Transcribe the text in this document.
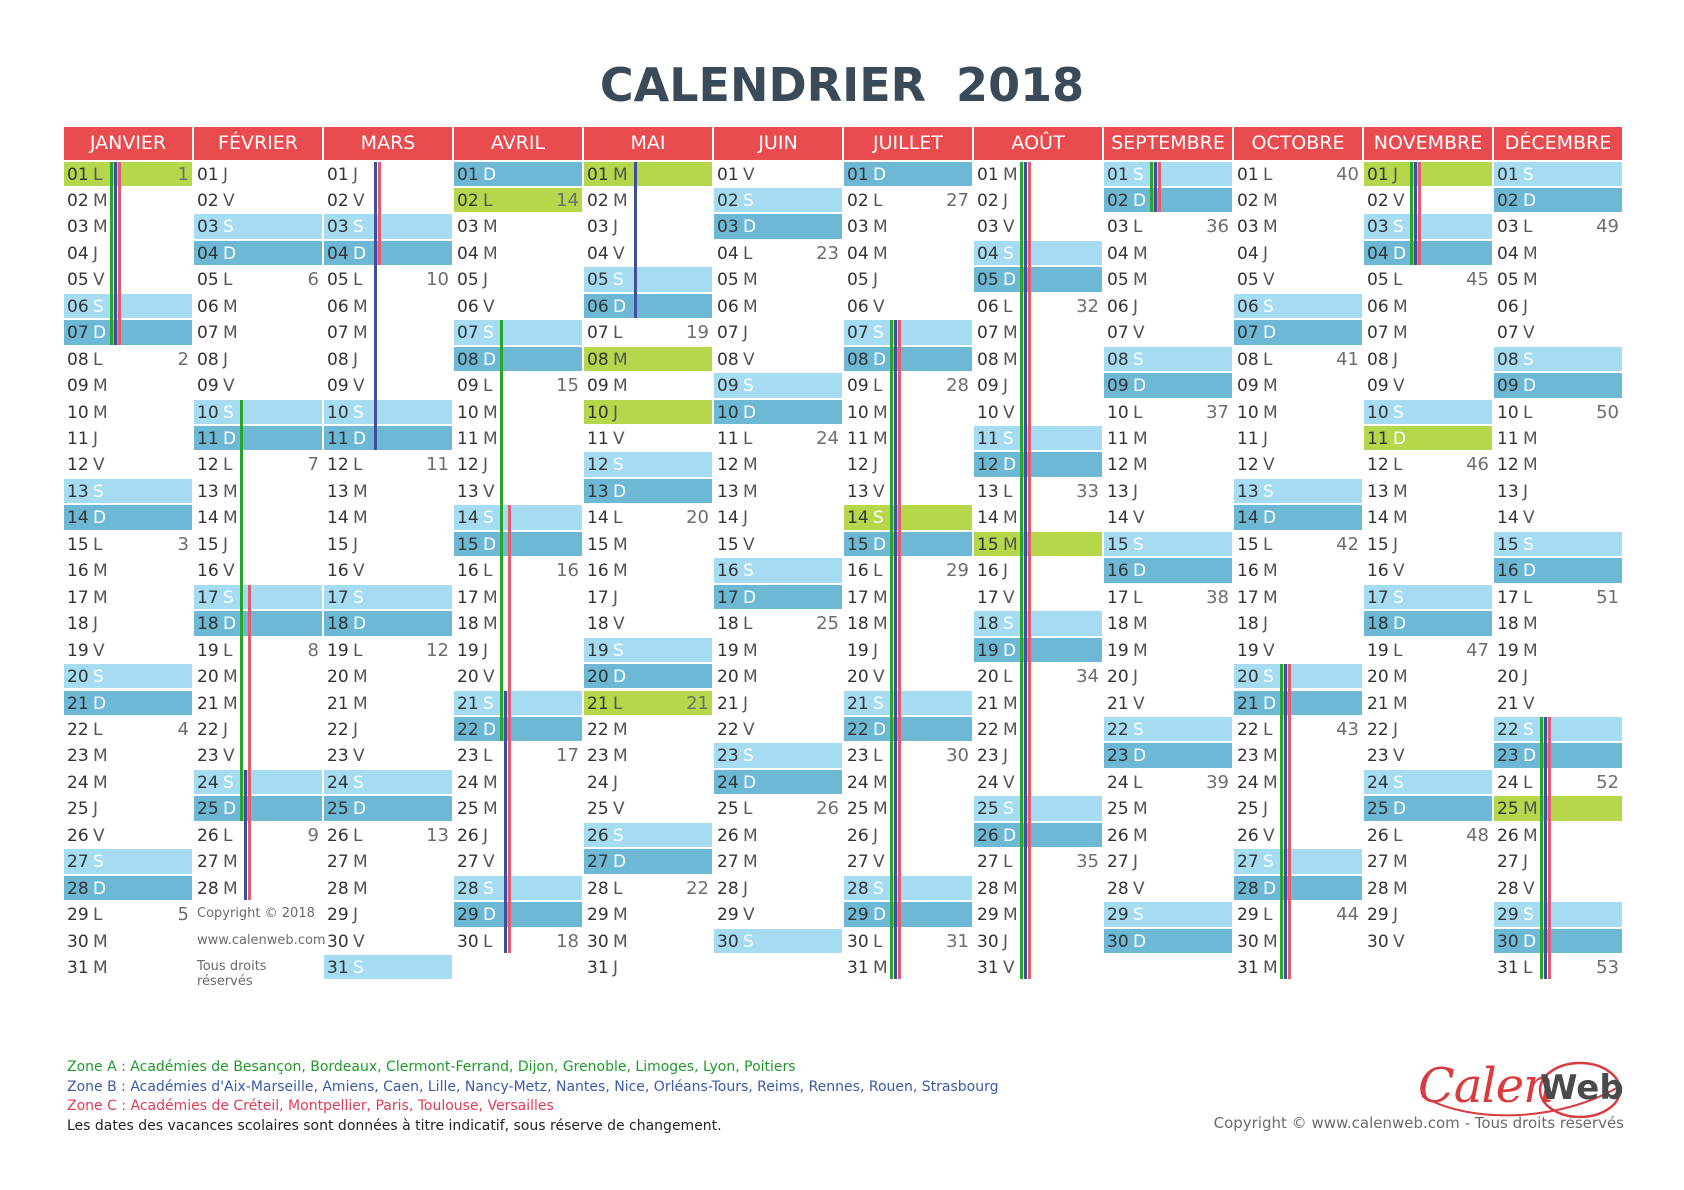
CALENDRIER 2018
JANVIER
01 L	1
02 M
03 M
04 J
05 V
06 S
07 D
08 L	2
09 M
10 M
11 J
12 V
13 S
14 D
15 L	3
16 M
17 M
18 J
19 V
20 S
21 D
22 L	4
23 M
24 M
25 J
26 V
27 S
28 D
29 L	5
30 M
31 M
FÉVRIER
01 J
02 V
03 S
04 D
05 L	6
06 M
07 M
08 J
09 V
10 S
11 D
12 L	7
13 M
14 M
15 J
16 V
17 S
18 D
19 L	8
20 M
21 M
22 J
23 V
24 S
25 D
26 L	9
27 M
28 M
Copyright © 2018
www.calenweb.com
Tous droits réservés
MARS
01 J
02 V
03 S
04 D
05 L	10
06 M
07 M
08 J
09 V
10 S
11 D
12 L	11
13 M
14 M
15 J
16 V
17 S
18 D
19 L	12
20 M
21 M
22 J
23 V
24 S
25 D
26 L	13
27 M
28 M
29 J
30 V
31 S
AVRIL
01 D
02 L	14
03 M
04 M
05 J
06 V
07 S
08 D
09 L	15
10 M
11 M
12 J
13 V
14 S
15 D
16 L	16
17 M
18 M
19 J
20 V
21 S
22 D
23 L	17
24 M
25 M
26 J
27 V
28 S
29 D
30 L	18
MAI
01 M
02 M
03 J
04 V
05 S
06 D
07 L	19
08 M
09 M
10 J
11 V
12 S
13 D
14 L	20
15 M
16 M
17 J
18 V
19 S
20 D
21 L	21
22 M
23 M
24 J
25 V
26 S
27 D
28 L	22
29 M
30 M
31 J
JUIN
01 V
02 S
03 D
04 L	23
05 M
06 M
07 J
08 V
09 S
10 D
11 L	24
12 M
13 M
14 J
15 V
16 S
17 D
18 L	25
19 M
20 M
21 J
22 V
23 S
24 D
25 L	26
26 M
27 M
28 J
29 V
30 S
JUILLET
01 D
02 L	27
03 M
04 M
05 J
06 V
07 S
08 D
09 L	28
10 M
11 M
12 J
13 V
14 S
15 D
16 L	29
17 M
18 M
19 J
20 V
21 S
22 D
23 L	30
24 M
25 M
26 J
27 V
28 S
29 D
30 L	31
31 M
AOÛT
01 M
02 J
03 V
04 S
05 D
06 L	32
07 M
08 M
09 J
10 V
11 S
12 D
13 L	33
14 M
15 M
16 J
17 V
18 S
19 D
20 L	34
21 M
22 M
23 J
24 V
25 S
26 D
27 L	35
28 M
29 M
30 J
31 V
SEPTEMBRE
01 S
02 D
03 L	36
04 M
05 M
06 J
07 V
08 S
09 D
10 L	37
11 M
12 M
13 J
14 V
15 S
16 D
17 L	38
18 M
19 M
20 J
21 V
22 S
23 D
24 L	39
25 M
26 M
27 J
28 V
29 S
30 D
OCTOBRE
01 L	40
02 M
03 M
04 J
05 V
06 S
07 D
08 L	41
09 M
10 M
11 J
12 V
13 S
14 D
15 L	42
16 M
17 M
18 J
19 V
20 S
21 D
22 L	43
23 M
24 M
25 J
26 V
27 S
28 D
29 L	44
30 M
31 M
NOVEMBRE
01 J
02 V
03 S
04 D
05 L	45
06 M
07 M
08 J
09 V
10 S
11 D
12 L	46
13 M
14 M
15 J
16 V
17 S
18 D
19 L	47
20 M
21 M
22 J
23 V
24 S
25 D
26 L	48
27 M
28 M
29 J
30 V
DÉCEMBRE
01 S
02 D
03 L	49
04 M
05 M
06 J
07 V
08 S
09 D
10 L	50
11 M
12 M
13 J
14 V
15 S
16 D
17 L	51
18 M
19 M
20 J
21 V
22 S
23 D
24 L	52
25 M
26 M
27 J
28 V
29 S
30 D
31 L	53
Zone A : Académies de Besançon, Bordeaux, Clermont-Ferrand, Dijon, Grenoble, Limoges, Lyon, Poitiers
Zone B : Académies d'Aix-Marseille, Amiens, Caen, Lille, Nancy-Metz, Nantes, Nice, Orléans-Tours, Reims, Rennes, Rouen, Strasbourg
Zone C : Académies de Créteil, Montpellier, Paris, Toulouse, Versailles
Les dates des vacances scolaires sont données à titre indicatif, sous réserve de changement.
Calen
Web
Copyright © www.calenweb.com - Tous droits réservés
